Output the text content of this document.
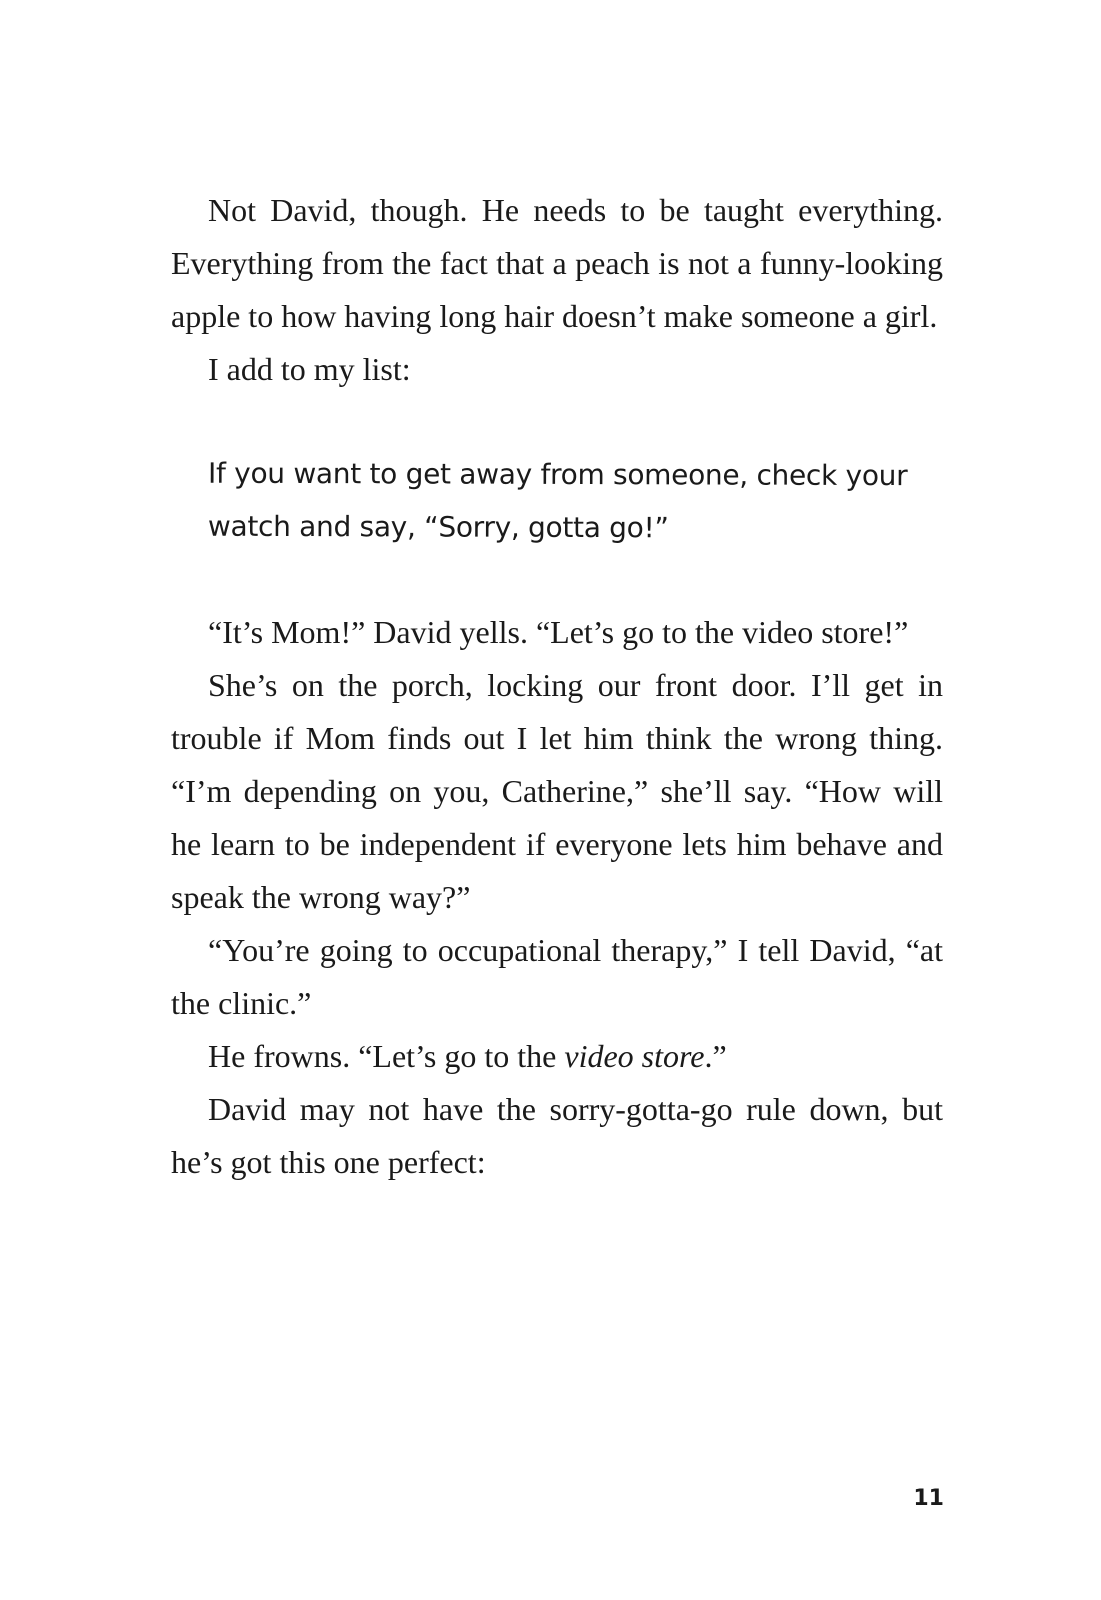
Not David, though. He needs to be taught everything. Everything from the fact that a peach is not a funny-looking apple to how having long hair doesn’t make someone a girl.

I add to my list:

If you want to get away from someone, check your

watch and say, “Sorry, gotta go!”

“It’s Mom!” David yells. “Let’s go to the video store!”

She’s on the porch, locking our front door. I’ll get in trouble if Mom finds out I let him think the wrong thing. “I’m depending on you, Catherine,” she’ll say. “How will he learn to be independent if everyone lets him behave and speak the wrong way?”

“You’re going to occupational therapy,” I tell David, “at the clinic.”

He frowns. “Let’s go to the video store.”

David may not have the sorry-gotta-go rule down, but he’s got this one perfect:

11
